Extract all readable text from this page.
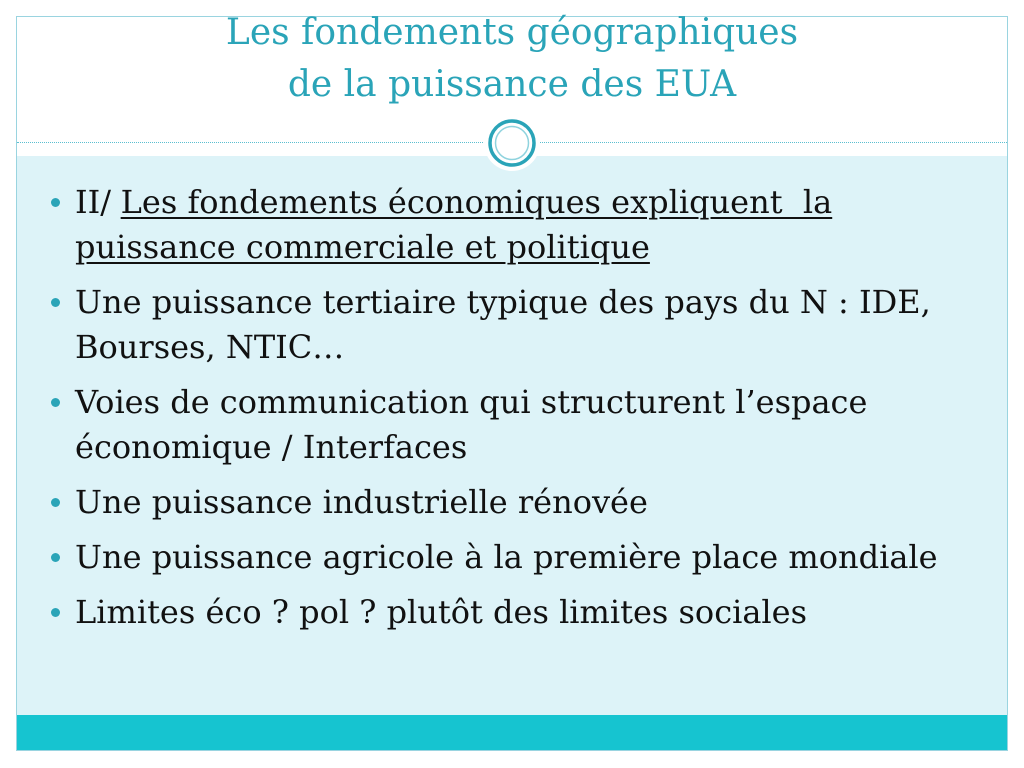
Les fondements géographiques
de la puissance des EUA
II/ Les fondements économiques expliquent  la
puissance commerciale et politique
Une puissance tertiaire typique des pays du N : IDE,
Bourses, NTIC…
Voies de communication qui structurent l’espace
économique / Interfaces
Une puissance industrielle rénovée
Une puissance agricole à la première place mondiale
Limites éco ? pol ? plutôt des limites sociales
